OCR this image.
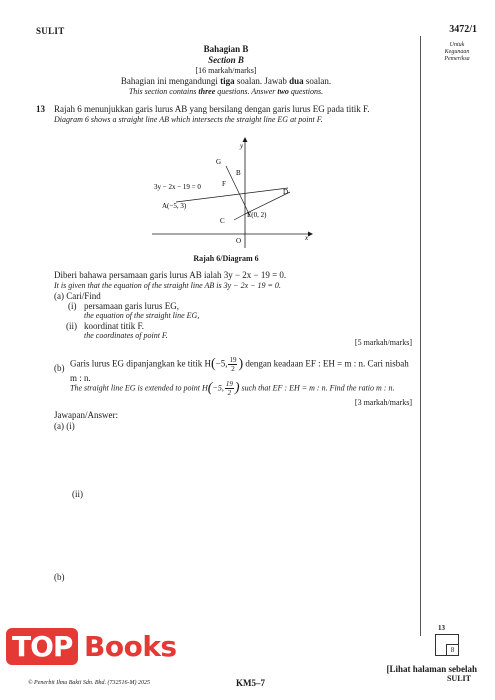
SULIT	3472/1
Untuk
Kegunaan
Pemeriksa
Bahagian B
Section B
[16 markah/marks]
Bahagian ini mengandungi tiga soalan. Jawab dua soalan.
This section contains three questions. Answer two questions.
13 Rajah 6 menunjukkan garis lurus AB yang bersilang dengan garis lurus EG pada titik F.
Diagram 6 shows a straight line AB which intersects the straight line EG at point F.
x
y
O
G
B
F
D
C
A(−5, 3)
E(0, 2)
3y − 2x − 19 = 0
Rajah 6/Diagram 6
Diberi bahawa persamaan garis lurus AB ialah 3y − 2x − 19 = 0.
It is given that the equation of the straight line AB is 3y − 2x − 19 = 0.
(a) Cari/Find
(i) persamaan garis lurus EG,
the equation of the straight line EG,
(ii) koordinat titik F.
the coordinates of point F.
[5 markah/marks]
(b) Garis lurus EG dipanjangkan ke titik H(−5, $\frac{19}{2}$ ) dengan keadaan EF : EH = m : n. Cari nisbah
m : n.
The straight line EG is extended to point H(−5, $\frac{19}{2}$ ) such that EF : EH = m : n. Find the ratio m : n.
[3 markah/marks]
Jawapan/Answer:
(a) (i)
(ii)
(b)
13
8
TOP Books
© Penerbit Ilmu Bakti Sdn. Bhd. (732516-M) 2025	KM5–7
[Lihat halaman sebelah
SULIT
